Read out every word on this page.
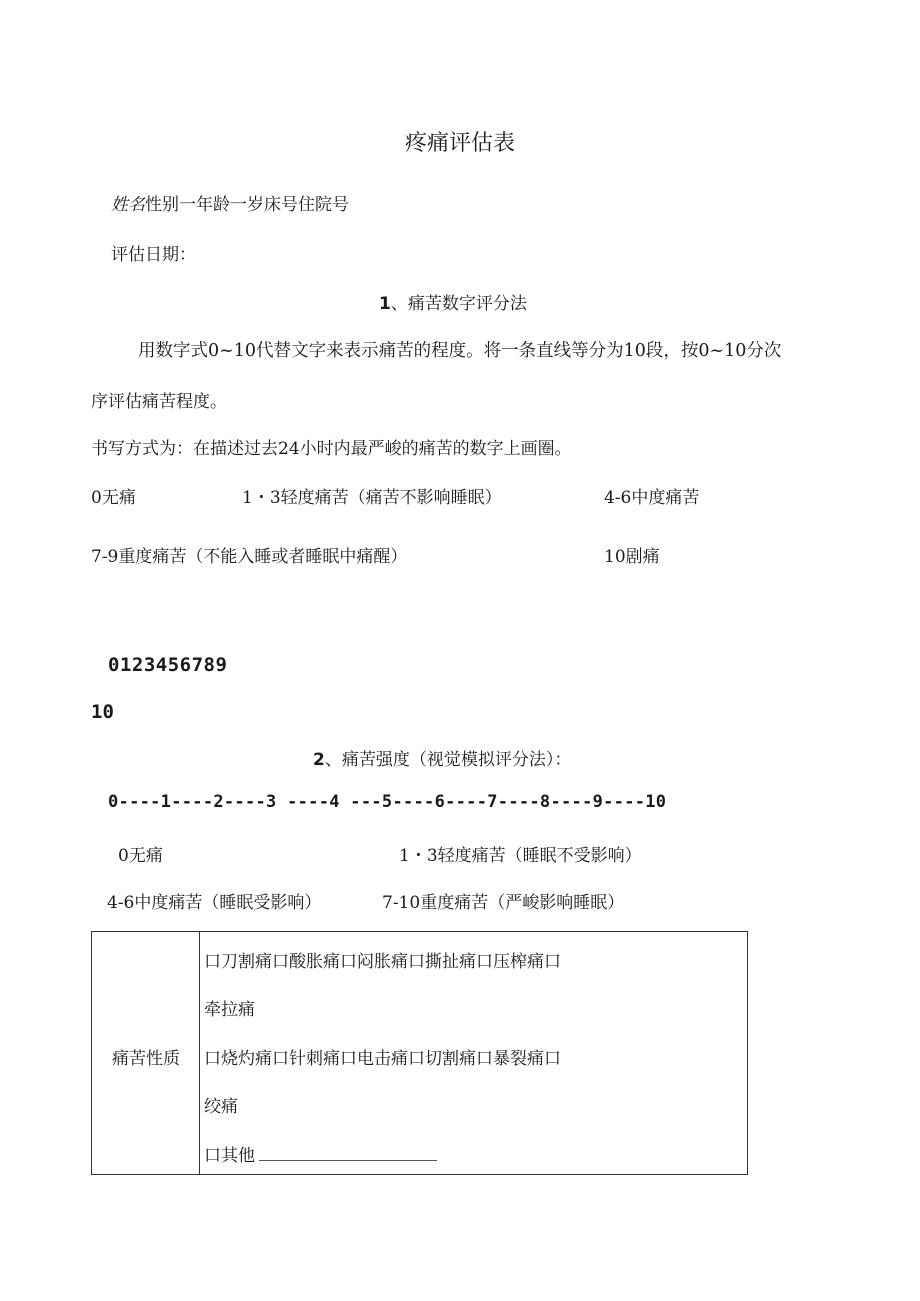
疼痛评估表
姓名性别一年龄一岁床号住院号
评估日期：
1、痛苦数字评分法
用数字式0~10代替文字来表示痛苦的程度。将一条直线等分为10段，按0~10分次
序评估痛苦程度。
书写方式为：在描述过去24小时内最严峻的痛苦的数字上画圈。
0无痛	1・3轻度痛苦（痛苦不影响睡眠）	4-6中度痛苦
7-9重度痛苦（不能入睡或者睡眠中痛醒）	10剧痛
0123456789
10
2、痛苦强度（视觉模拟评分法）：
0----1----2----3 ----4 ---5----6----7----8----9----10
0无痛	1・3轻度痛苦（睡眠不受影响）
4-6中度痛苦（睡眠受影响）	7-10重度痛苦（严峻影响睡眠）
痛苦性质
口刀割痛口酸胀痛口闷胀痛口撕扯痛口压榨痛口
牵拉痛
口烧灼痛口针刺痛口电击痛口切割痛口暴裂痛口
绞痛
口其他
